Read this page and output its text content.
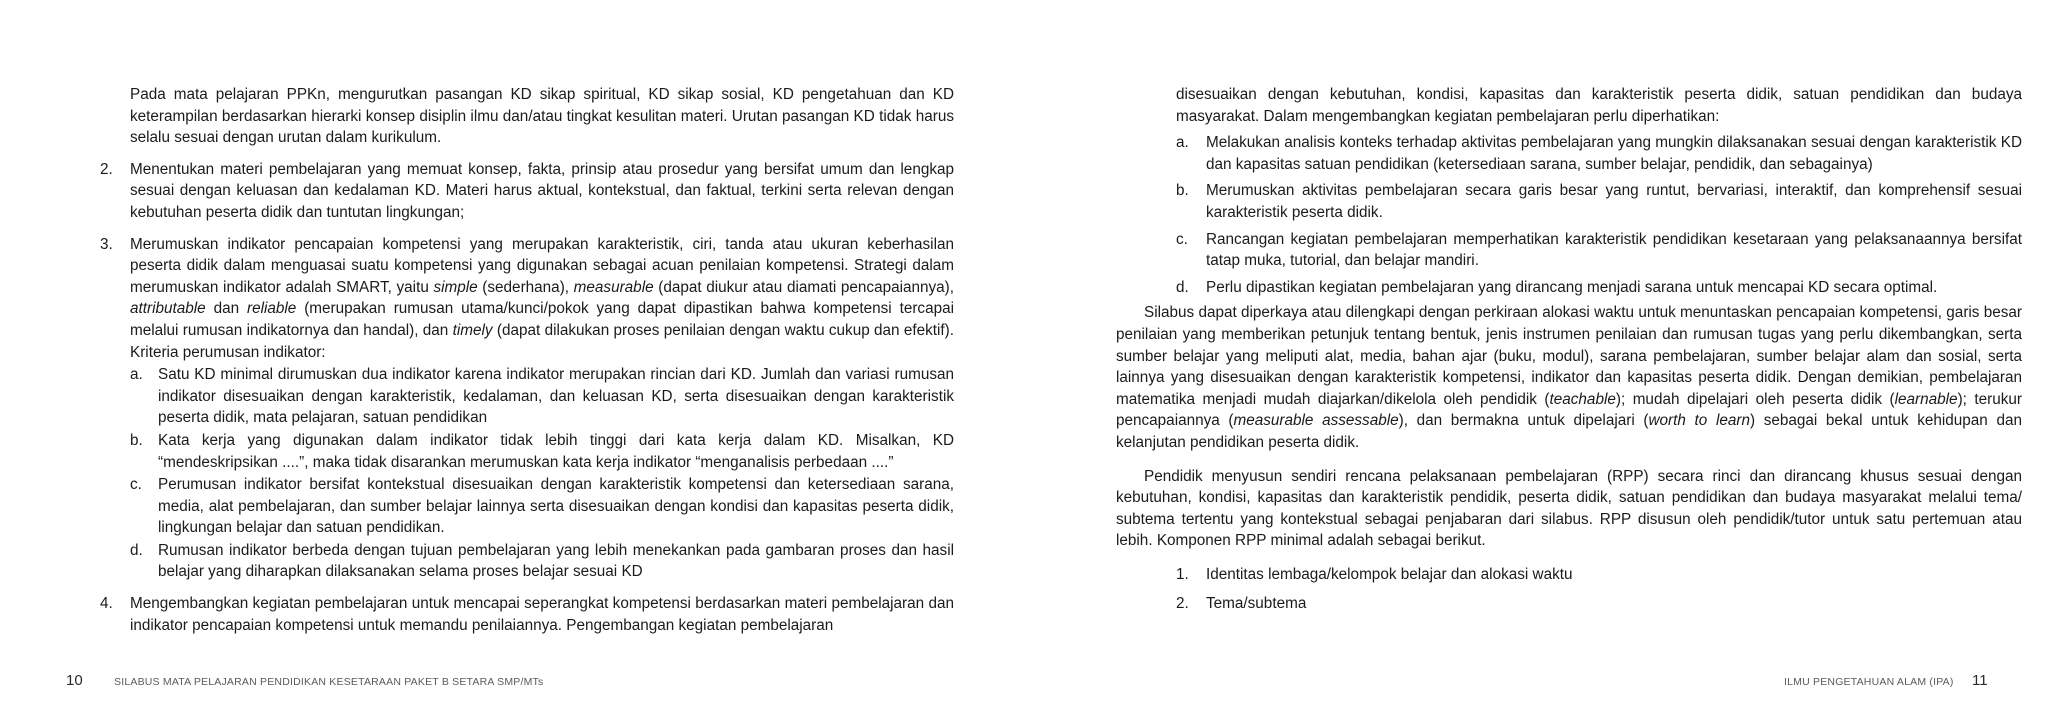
Pada mata pelajaran PPKn, mengurutkan pasangan KD sikap spiritual, KD sikap sosial, KD pengetahuan dan KD keterampilan berdasarkan hierarki konsep disiplin ilmu dan/atau tingkat kesulitan materi. Urutan pasangan KD tidak harus selalu sesuai dengan urutan dalam kurikulum.

2. Menentukan materi pembelajaran yang memuat konsep, fakta, prinsip atau prosedur yang bersifat umum dan lengkap sesuai dengan keluasan dan kedalaman KD. Materi harus aktual, kontekstual, dan faktual, terkini serta relevan dengan kebutuhan peserta didik dan tuntutan lingkungan;

3. Merumuskan indikator pencapaian kompetensi yang merupakan karakteristik, ciri, tanda atau ukuran keberhasilan peserta didik dalam menguasai suatu kompetensi yang digunakan sebagai acuan penilaian kompetensi. Strategi dalam merumuskan indikator adalah SMART, yaitu simple (sederhana), measurable (dapat diukur atau diamati pencapaiannya), attributable dan reliable (merupakan rumusan utama/kunci/pokok yang dapat dipastikan bahwa kompetensi tercapai melalui rumusan indikatornya dan handal), dan timely (dapat dilakukan proses penilaian dengan waktu cukup dan efektif). Kriteria perumusan indikator:

a. Satu KD minimal dirumuskan dua indikator karena indikator merupakan rincian dari KD. Jumlah dan variasi rumusan indikator disesuaikan dengan karakteristik, kedalaman, dan keluasan KD, serta disesuaikan dengan karakteristik peserta didik, mata pelajaran, satuan pendidikan

b. Kata kerja yang digunakan dalam indikator tidak lebih tinggi dari kata kerja dalam KD. Misalkan, KD “mendeskripsikan ....”, maka tidak disarankan merumuskan kata kerja indikator “menganalisis perbedaan ....”

c. Perumusan indikator bersifat kontekstual disesuaikan dengan karakteristik kompetensi dan ketersediaan sarana, media, alat pembelajaran, dan sumber belajar lainnya serta disesuaikan dengan kondisi dan kapasitas peserta didik, lingkungan belajar dan satuan pendidikan.

d. Rumusan indikator berbeda dengan tujuan pembelajaran yang lebih menekankan pada gambaran proses dan hasil belajar yang diharapkan dilaksanakan selama proses belajar sesuai KD

4. Mengembangkan kegiatan pembelajaran untuk mencapai seperangkat kompetensi berdasarkan materi pembelajaran dan indikator pencapaian kompetensi untuk memandu penilaiannya. Pengembangan kegiatan pembelajaran

10	SILABUS MATA PELAJARAN PENDIDIKAN KESETARAAN PAKET B SETARA SMP/MTs

disesuaikan dengan kebutuhan, kondisi, kapasitas dan karakteristik peserta didik, satuan pendidikan dan budaya masyarakat. Dalam mengembangkan kegiatan pembelajaran perlu diperhatikan:

a. Melakukan analisis konteks terhadap aktivitas pembelajaran yang mungkin dilaksanakan sesuai dengan karakteristik KD dan kapasitas satuan pendidikan (ketersediaan sarana, sumber belajar, pendidik, dan sebagainya)

b. Merumuskan aktivitas pembelajaran secara garis besar yang runtut, bervariasi, interaktif, dan komprehensif sesuai karakteristik peserta didik.

c. Rancangan kegiatan pembelajaran memperhatikan karakteristik pendidikan kesetaraan yang pelaksanaannya bersifat tatap muka, tutorial, dan belajar mandiri.

d. Perlu dipastikan kegiatan pembelajaran yang dirancang menjadi sarana untuk mencapai KD secara optimal.

Silabus dapat diperkaya atau dilengkapi dengan perkiraan alokasi waktu untuk menuntaskan pencapaian kompetensi, garis besar penilaian yang memberikan petunjuk tentang bentuk, jenis instrumen penilaian dan rumusan tugas yang perlu dikembangkan, serta sumber belajar yang meliputi alat, media, bahan ajar (buku, modul), sarana pembelajaran, sumber belajar alam dan sosial, serta lainnya yang disesuaikan dengan karakteristik kompetensi, indikator dan kapasitas peserta didik. Dengan demikian, pembelajaran matematika menjadi mudah diajarkan/dikelola oleh pendidik (teachable); mudah dipelajari oleh peserta didik (learnable); terukur pencapaiannya (measurable assessable), dan bermakna untuk dipelajari (worth to learn) sebagai bekal untuk kehidupan dan kelanjutan pendidikan peserta didik.

Pendidik menyusun sendiri rencana pelaksanaan pembelajaran (RPP) secara rinci dan dirancang khusus sesuai dengan kebutuhan, kondisi, kapasitas dan karakteristik pendidik, peserta didik, satuan pendidikan dan budaya masyarakat melalui tema/ subtema tertentu yang kontekstual sebagai penjabaran dari silabus. RPP disusun oleh pendidik/tutor untuk satu pertemuan atau lebih. Komponen RPP minimal adalah sebagai berikut.

1. Identitas lembaga/kelompok belajar dan alokasi waktu

2. Tema/subtema

ILMU PENGETAHUAN ALAM (IPA) 11
